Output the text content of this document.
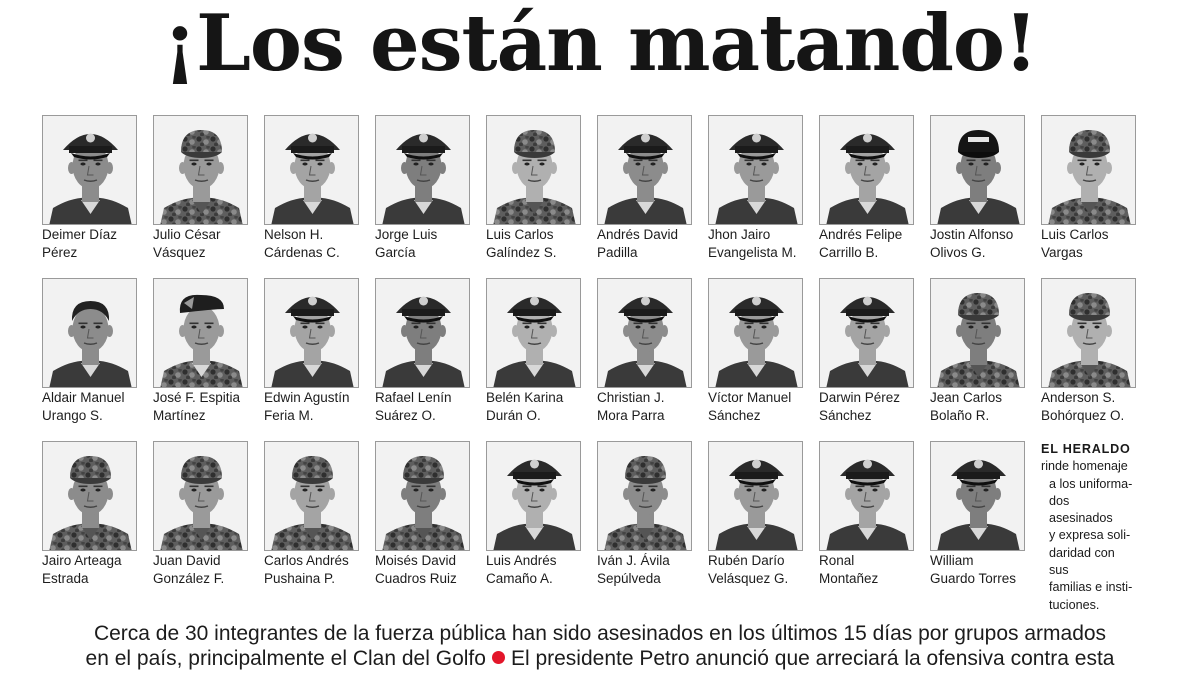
¡Los están matando!
Deimer Díaz
Pérez
Julio César
Vásquez
Nelson H.
Cárdenas C.
Jorge Luis
García
Luis Carlos
Galíndez S.
Andrés David
Padilla
Jhon Jairo
Evangelista M.
Andrés Felipe
Carrillo B.
Jostin Alfonso
Olivos G.
Luis Carlos
Vargas
Aldair Manuel
Urango S.
José F. Espitia
Martínez
Edwin Agustín
Feria M.
Rafael Lenín
Suárez O.
Belén Karina
Durán O.
Christian J.
Mora Parra
Víctor Manuel
Sánchez
Darwin Pérez
Sánchez
Jean Carlos
Bolaño R.
Anderson S.
Bohórquez O.
Jairo Arteaga
Estrada
Juan David
González F.
Carlos Andrés
Pushaina P.
Moisés David
Cuadros Ruiz
Luis Andrés
Camaño A.
Iván J. Ávila
Sepúlveda
Rubén Darío
Velásquez G.
Ronal
Montañez
William
Guardo Torres
EL HERALDO
rinde homenaje
a los uniforma-
dos asesinados
y expresa soli-
daridad con sus
familias e insti-
tuciones.
Cerca de 30 integrantes de la fuerza pública han sido asesinados en los últimos 15 días por grupos armados
en el país, principalmente el Clan del Golfo El presidente Petro anunció que arreciará la ofensiva contra esta
